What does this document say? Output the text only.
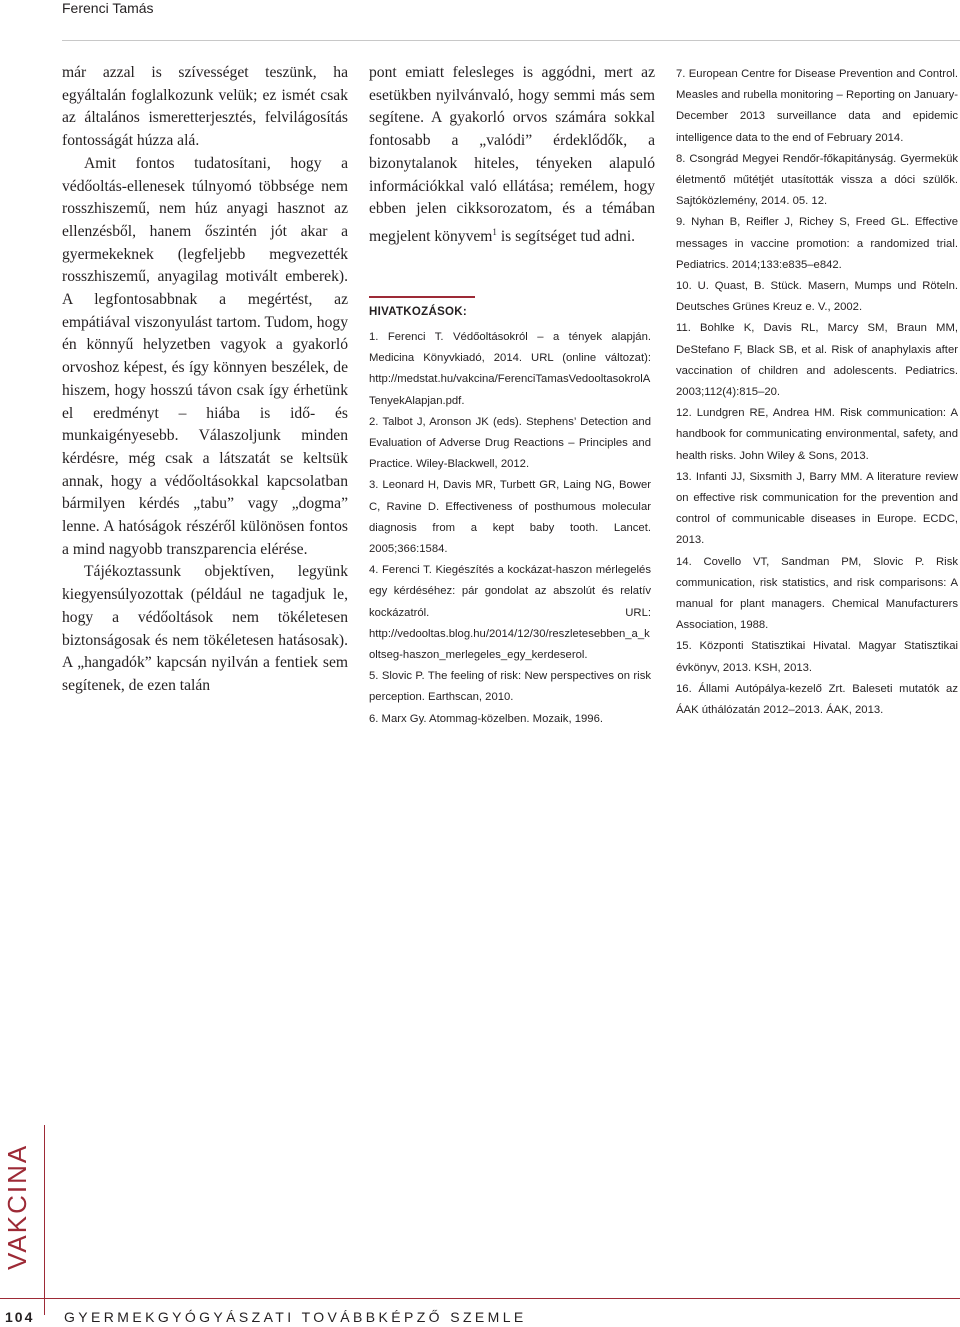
Ferenci Tamás

már azzal is szívességet teszünk, ha egyáltalán foglalkozunk velük; ez ismét csak az általános ismeretterjesztés, felvilágosítás fontosságát húzza alá.

Amit fontos tudatosítani, hogy a védőoltás-ellenesek túlnyomó többsége nem rosszhiszemű, nem húz anyagi hasznot az ellenzésből, hanem őszintén jót akar a gyermekeknek (legfeljebb megvezették rosszhiszemű, anyagilag motivált emberek). A legfontosabbnak a megértést, az empátiával viszonyulást tartom. Tudom, hogy én könnyű helyzetben vagyok a gyakorló orvoshoz képest, és így könnyen beszélek, de hiszem, hogy hosszú távon csak így érhetünk el eredményt – hiába is idő- és munkaigényesebb. Válaszoljunk minden kérdésre, még csak a látszatát se keltsük annak, hogy a védőoltásokkal kapcsolatban bármilyen kérdés „tabu” vagy „dogma” lenne. A hatóságok részéről különösen fontos a mind nagyobb transzparencia elérése.

Tájékoztassunk objektíven, legyünk kiegyensúlyozottak (például ne tagadjuk le, hogy a védőoltások nem tökéletesen biztonságosak és nem tökéletesen hatásosak). A „hangadók” kapcsán nyilván a fentiek sem segítenek, de ezen talán

pont emiatt felesleges is aggódni, mert az esetükben nyilvánvaló, hogy semmi más sem segítene. A gyakorló orvos számára sokkal fontosabb a „valódi” érdeklődők, a bizonytalanok hiteles, tényeken alapuló információkkal való ellátása; remélem, hogy ebben jelen cikksorozatom, és a témában megjelent könyvem$^1$ is segítséget tud adni.

HIVATKOZÁSOK:

1. Ferenci T. Védőoltásokról – a tények alapján. Medicina Könyvkiadó, 2014. URL (online változat): http://medstat.hu/vakcina/FerenciTamasVedooltasokrolATenyekAlapjan.pdf.

2. Talbot J, Aronson JK (eds). Stephens’ Detection and Evaluation of Adverse Drug Reactions – Principles and Practice. Wiley-Blackwell, 2012.

3. Leonard H, Davis MR, Turbett GR, Laing NG, Bower C, Ravine D. Effectiveness of posthumous molecular diagnosis from a kept baby tooth. Lancet. 2005;366:1584.

4. Ferenci T. Kiegészítés a kockázat-haszon mérlegelés egy kérdéséhez: pár gondolat az abszolút és relatív kockázatról. URL: http://vedooltas.blog.hu/2014/12/30/reszletesebben_a_koltseg-haszon_merlegeles_egy_kerdeserol.

5. Slovic P. The feeling of risk: New perspectives on risk perception. Earthscan, 2010.

6. Marx Gy. Atommag-közelben. Mozaik, 1996.

7. European Centre for Disease Prevention and Control. Measles and rubella monitoring – Reporting on January-December 2013 surveillance data and epidemic intelligence data to the end of February 2014.

8. Csongrád Megyei Rendőr-főkapitányság. Gyermekük életmentő műtétjét utasították vissza a dóci szülők. Sajtóközlemény, 2014. 05. 12.

9. Nyhan B, Reifler J, Richey S, Freed GL. Effective messages in vaccine promotion: a randomized trial. Pediatrics. 2014;133:e835–e842.

10. U. Quast, B. Stück. Masern, Mumps und Röteln. Deutsches Grünes Kreuz e. V., 2002.

11. Bohlke K, Davis RL, Marcy SM, Braun MM, DeStefano F, Black SB, et al. Risk of anaphylaxis after vaccination of children and adolescents. Pediatrics. 2003;112(4):815–20.

12. Lundgren RE, Andrea HM. Risk communication: A handbook for communicating environmental, safety, and health risks. John Wiley & Sons, 2013.

13. Infanti JJ, Sixsmith J, Barry MM. A literature review on effective risk communication for the prevention and control of communicable diseases in Europe. ECDC, 2013.

14. Covello VT, Sandman PM, Slovic P. Risk communication, risk statistics, and risk comparisons: A manual for plant managers. Chemical Manufacturers Association, 1988.

15. Központi Statisztikai Hivatal. Magyar Statisztikai évkönyv, 2013. KSH, 2013.

16. Állami Autópálya-kezelő Zrt. Baleseti mutatók az ÁAK úthálózatán 2012–2013. ÁAK, 2013.

VAKCINA
104 GYERMEKGYÓGYÁSZATI TOVÁBBKÉPZŐ SZEMLE
